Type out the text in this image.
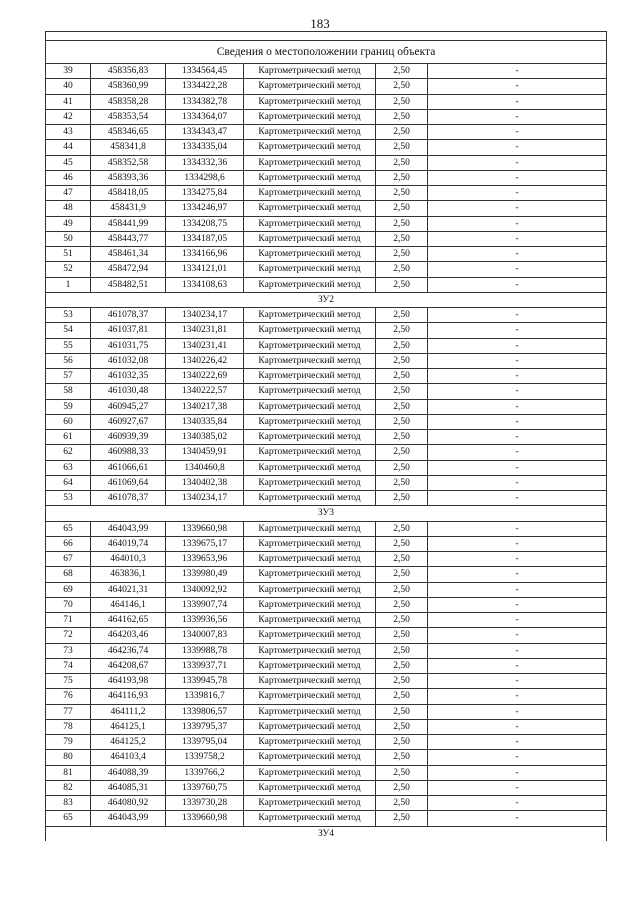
183

Сведения о местоположении границ объекта					
39	458356,83	1334564,45	Картометрический метод	2,50	-
40	458360,99	1334422,28	Картометрический метод	2,50	-
41	458358,28	1334382,78	Картометрический метод	2,50	-
42	458353,54	1334364,07	Картометрический метод	2,50	-
43	458346,65	1334343,47	Картометрический метод	2,50	-
44	458341,8	1334335,04	Картометрический метод	2,50	-
45	458352,58	1334332,36	Картометрический метод	2,50	-
46	458393,36	1334298,6	Картометрический метод	2,50	-
47	458418,05	1334275,84	Картометрический метод	2,50	-
48	458431,9	1334246,97	Картометрический метод	2,50	-
49	458441,99	1334208,75	Картометрический метод	2,50	-
50	458443,77	1334187,05	Картометрический метод	2,50	-
51	458461,34	1334166,96	Картометрический метод	2,50	-
52	458472,94	1334121,01	Картометрический метод	2,50	-
1	458482,51	1334108,63	Картометрический метод	2,50	-
ЗУ2					
53	461078,37	1340234,17	Картометрический метод	2,50	-
54	461037,81	1340231,81	Картометрический метод	2,50	-
55	461031,75	1340231,41	Картометрический метод	2,50	-
56	461032,08	1340226,42	Картометрический метод	2,50	-
57	461032,35	1340222,69	Картометрический метод	2,50	-
58	461030,48	1340222,57	Картометрический метод	2,50	-
59	460945,27	1340217,38	Картометрический метод	2,50	-
60	460927,67	1340335,84	Картометрический метод	2,50	-
61	460939,39	1340385,02	Картометрический метод	2,50	-
62	460988,33	1340459,91	Картометрический метод	2,50	-
63	461066,61	1340460,8	Картометрический метод	2,50	-
64	461069,64	1340402,38	Картометрический метод	2,50	-
53	461078,37	1340234,17	Картометрический метод	2,50	-
ЗУ3					
65	464043,99	1339660,98	Картометрический метод	2,50	-
66	464019,74	1339675,17	Картометрический метод	2,50	-
67	464010,3	1339653,96	Картометрический метод	2,50	-
68	463836,1	1339980,49	Картометрический метод	2,50	-
69	464021,31	1340092,92	Картометрический метод	2,50	-
70	464146,1	1339907,74	Картометрический метод	2,50	-
71	464162,65	1339936,56	Картометрический метод	2,50	-
72	464203,46	1340007,83	Картометрический метод	2,50	-
73	464236,74	1339988,78	Картометрический метод	2,50	-
74	464208,67	1339937,71	Картометрический метод	2,50	-
75	464193,98	1339945,78	Картометрический метод	2,50	-
76	464116,93	1339816,7	Картометрический метод	2,50	-
77	464111,2	1339806,57	Картометрический метод	2,50	-
78	464125,1	1339795,37	Картометрический метод	2,50	-
79	464125,2	1339795,04	Картометрический метод	2,50	-
80	464103,4	1339758,2	Картометрический метод	2,50	-
81	464088,39	1339766,2	Картометрический метод	2,50	-
82	464085,31	1339760,75	Картометрический метод	2,50	-
83	464080,92	1339730,28	Картометрический метод	2,50	-
65	464043,99	1339660,98	Картометрический метод	2,50	-
ЗУ4					
